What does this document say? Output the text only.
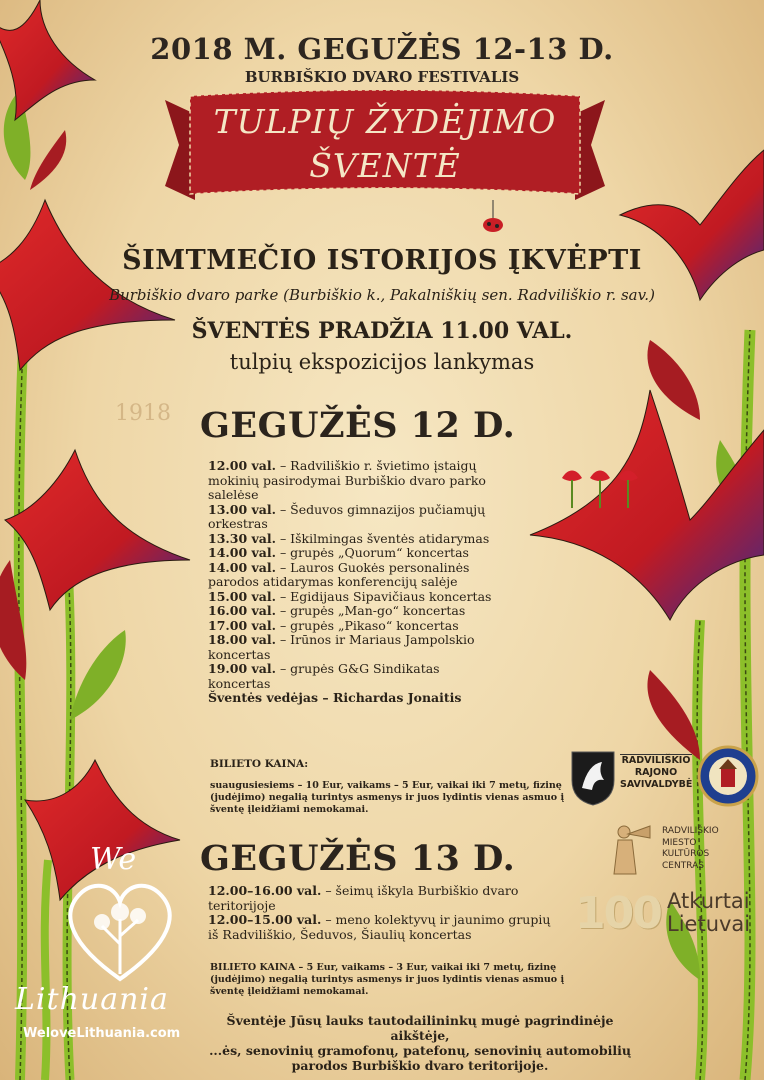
1918
2018 M. GEGUŽĖS 12-13 D.
BURBIŠKIO DVARO FESTIVALIS
TULPIŲ ŽYDĖJIMO
ŠVENTĖ
ŠIMTMEČIO ISTORIJOS ĮKVĖPTI
Burbiškio dvaro parke (Burbiškio k., Pakalniškių sen. Radviliškio r. sav.)
ŠVENTĖS PRADŽIA 11.00 VAL.
tulpių ekspozicijos lankymas
GEGUŽĖS 12 D.
12.00 val. – Radviliškio r. švietimo įstaigų
mokinių pasirodymai Burbiškio dvaro parko
salelėse
13.00 val. – Šeduvos gimnazijos pučiamųjų
orkestras
13.30 val. – Iškilmingas šventės atidarymas
14.00 val. – grupės „Quorum“ koncertas
14.00 val. – Lauros Guokės personalinės
parodos atidarymas konferencijų salėje
15.00 val. – Egidijaus Sipavičiaus koncertas
16.00 val. – grupės „Man-go“ koncertas
17.00 val. – grupės „Pikaso“ koncertas
18.00 val. – Irūnos ir Mariaus Jampolskio
koncertas
19.00 val. – grupės G&G Sindikatas
koncertas
Šventės vedėjas – Richardas Jonaitis
BILIETO KAINA:
suaugusiesiems – 10 Eur, vaikams – 5 Eur, vaikai iki 7 metų, fizinę (judėjimo) negalią turintys asmenys ir juos lydintis vienas asmuo į šventę įleidžiami nemokamai.
GEGUŽĖS 13 D.
12.00–16.00 val. – šeimų iškyla Burbiškio dvaro
teritorijoje
12.00–15.00 val. – meno kolektyvų ir jaunimo grupių
iš Radviliškio, Šeduvos, Šiaulių koncertas
BILIETO KAINA – 5 Eur, vaikams – 3 Eur, vaikai iki 7 metų, fizinę (judėjimo) negalią turintys asmenys ir juos lydintis vienas asmuo į šventę įleidžiami nemokamai.
Šventėje Jūsų lauks tautodailininkų mugė pagrindinėje aikštėje,
...ės, senovinių gramofonų, patefonų, senovinių automobilių
parodos Burbiškio dvaro teritorijoje.
RADVILIŠKIO
RAJONO
SAVIVALDYBĖ
RADVILIŠKIO
MIESTO
KULTŪROS
CENTRAS
100 Atkurtai
Lietuvai
We
Lithuania
WeloveLithuania.com
